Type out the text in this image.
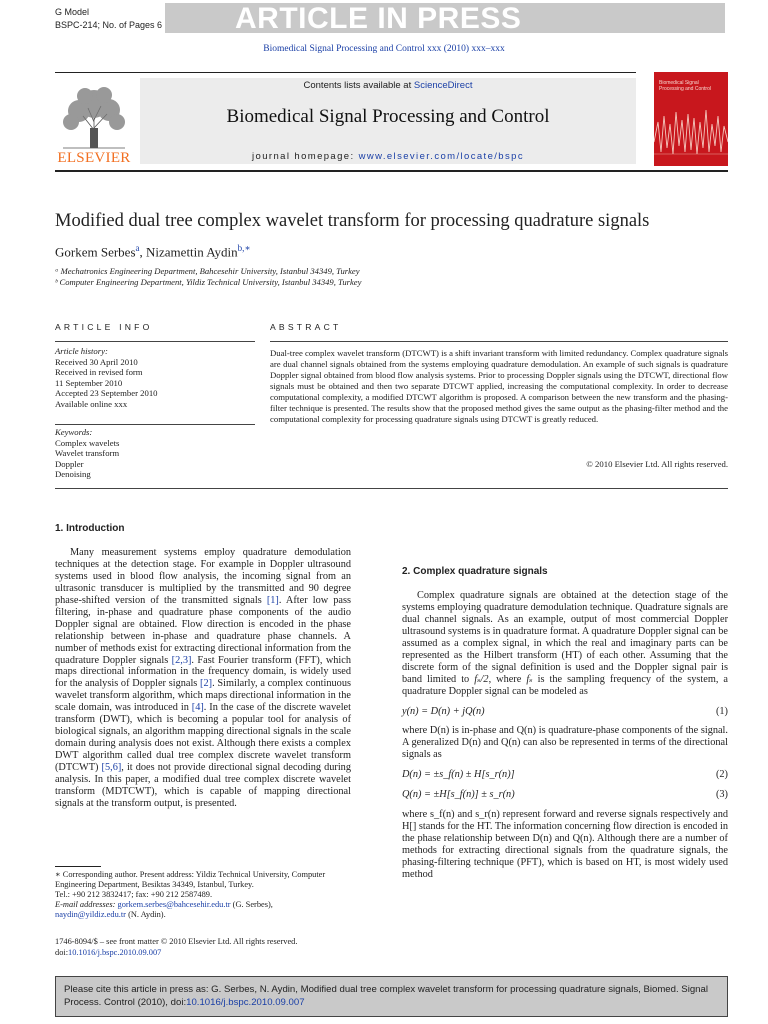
G Model
BSPC-214; No. of Pages 6	ARTICLE IN PRESS
Biomedical Signal Processing and Control xxx (2010) xxx–xxx
ELSEVIER
Contents lists available at ScienceDirect
Biomedical Signal Processing and Control
journal homepage: www.elsevier.com/locate/bspc
Biomedical Signal Processing and Control
Modified dual tree complex wavelet transform for processing quadrature signals
Gorkem Serbes$^a$, Nizamettin Aydin$^{b,∗}$
ᵃ Mechatronics Engineering Department, Bahcesehir University, Istanbul 34349, Turkey
ᵇ Computer Engineering Department, Yildiz Technical University, Istanbul 34349, Turkey
ARTICLE INFO	ABSTRACT
Article history:
Received 30 April 2010
Received in revised form
11 September 2010
Accepted 23 September 2010
Available online xxx
Keywords:
Complex wavelets
Wavelet transform
Doppler
Denoising
Dual-tree complex wavelet transform (DTCWT) is a shift invariant transform with limited redundancy. Complex quadrature signals are dual channel signals obtained from the systems employing quadrature demodulation. An example of such signals is quadrature Doppler signal obtained from blood flow analysis systems. Prior to processing Doppler signals using the DTCWT, directional flow signals must be obtained and then two separate DTCWT applied, increasing the computational complexity. In order to decrease computational complexity, a modified DTCWT algorithm is proposed. A comparison between the new transform and the phasing-filter technique is presented. The results show that the proposed method gives the same output as the phasing-filter method and the computational complexity for processing quadrature signals using DTCWT is greatly reduced.
© 2010 Elsevier Ltd. All rights reserved.
1. Introduction

Many measurement systems employ quadrature demodulation techniques at the detection stage. For example in Doppler ultrasound systems used in blood flow analysis, the incoming signal from an ultrasonic transducer is multiplied by the transmitted and 90 degree phase-shifted version of the transmitted signals [1]. After low pass filtering, in-phase and quadrature phase components of the audio Doppler signal are obtained. Flow direction is encoded in the phase relationship between in-phase and quadrature phase channels. A number of methods exist for extracting directional information from the quadrature Doppler signals [2,3]. Fast Fourier transform (FFT), which maps directional information in the frequency domain, is widely used for the analysis of Doppler signals [2]. Similarly, a complex continuous wavelet transform algorithm, which maps directional information in the scale domain, was introduced in [4]. In the case of the discrete wavelet transform (DWT), which is becoming a popular tool for analysis of biological signals, an algorithm mapping directional signals in the scale domain during analysis does not exist. Although there exists a complex DWT algorithm called dual tree complex discrete wavelet transform (DTCWT) [5,6], it does not provide directional signal decoding during analysis. In this paper, a modified dual tree complex discrete wavelet transform (MDTCWT), which is capable of mapping directional signals at the transform output, is presented.

2. Complex quadrature signals

Complex quadrature signals are obtained at the detection stage of the systems employing quadrature demodulation technique. Quadrature signals are dual channel signals. As an example, output of most commercial Doppler ultrasound systems is in quadrature format. A quadrature Doppler signal can be assumed as a complex signal, in which the real and imaginary parts can be represented as the Hilbert transform (HT) of each other. Assuming that the discrete form of the signal definition is used and the Doppler signal pair is band limited to fₛ/2, where fₛ is the sampling frequency of the system, a quadrature Doppler signal can be modeled as

y(n) = D(n) + jQ(n)	(1)

where D(n) is in-phase and Q(n) is quadrature-phase components of the signal. A generalized D(n) and Q(n) can also be represented in terms of the directional signals as

D(n) = ±s_f(n) ± H[s_r(n)]	(2)
Q(n) = ±H[s_f(n)] ± s_r(n)	(3)

where s_f(n) and s_r(n) represent forward and reverse signals respectively and H[] stands for the HT. The information concerning flow direction is encoded in the phase relationship between D(n) and Q(n). Although there are a number of methods for extracting directional signals from the quadrature signals, the phasing-filtering technique (PFT), which is based on HT, is most widely used method

∗ Corresponding author. Present address: Yildiz Technical University, Computer Engineering Department, Besiktas 34349, Istanbul, Turkey.
Tel.: +90 212 3832417; fax: +90 212 2587489.
E-mail addresses: gorkem.serbes@bahcesehir.edu.tr (G. Serbes),
naydin@yildiz.edu.tr (N. Aydin).
1746-8094/$ – see front matter © 2010 Elsevier Ltd. All rights reserved.
doi:10.1016/j.bspc.2010.09.007
Please cite this article in press as: G. Serbes, N. Aydin, Modified dual tree complex wavelet transform for processing quadrature signals, Biomed. Signal Process. Control (2010), doi:10.1016/j.bspc.2010.09.007
